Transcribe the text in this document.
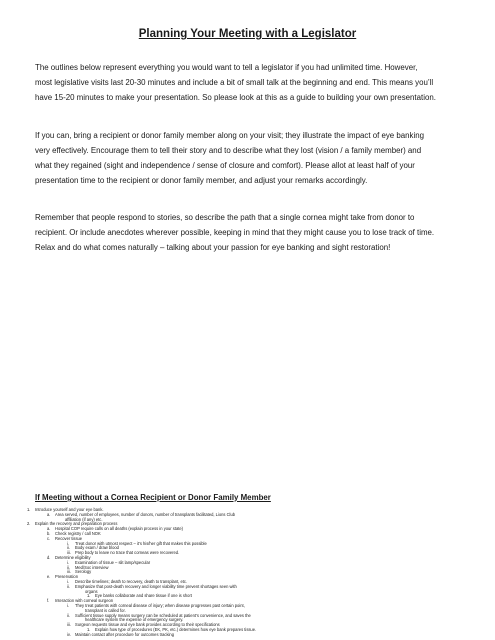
Planning Your Meeting with a Legislator
The outlines below represent everything you would want to tell a legislator if you had unlimited time. However,
most legislative visits last 20-30 minutes and include a bit of small talk at the beginning and end. This means you’ll
have 15-20 minutes to make your presentation. So please look at this as a guide to building your own presentation.
If you can, bring a recipient or donor family member along on your visit; they illustrate the impact of eye banking
very effectively. Encourage them to tell their story and to describe what they lost (vision / a family member) and
what they regained (sight and independence / sense of closure and comfort). Please allot at least half of your
presentation time to the recipient or donor family member, and adjust your remarks accordingly.
Remember that people respond to stories, so describe the path that a single cornea might take from donor to
recipient. Or include anecdotes wherever possible, keeping in mind that they might cause you to lose track of time.
Relax and do what comes naturally – talking about your passion for eye banking and sight restoration!
If Meeting without a Cornea Recipient or Donor Family Member
1. Introduce yourself and your eye bank.
a. Area served, number of employees, number of donors, number of transplants facilitated, Lions Club
affiliation (if any) etc.
2. Explain the recovery and preparation process
a. Hospital COP require calls on all deaths (explain process in your state)
b. Check registry / call NOK
c. Recover tissue
i. Treat donor with utmost respect – it’s his/her gift that makes this possible
ii. Body exam / draw blood
iii. Prep body to leave no trace that corneas were recovered.
d. Determine eligibility
i. Examination of tissue – slit lamp/specular
ii. Med/Soc interview
iii. Serology
e. Preservation
i. Describe timelines; death to recovery, death to transplant, etc.
ii. Emphasize that post-death recovery and longer viability time prevent shortages seen with
organs
1. Eye banks collaborate and share tissue if one is short
f. Interaction with corneal surgeon
i. They treat patients with corneal disease of injury; when disease progresses past certain point,
transplant is called for.
ii. Sufficient tissue supply means surgery can be scheduled at patient’s convenience, and saves the
healthcare system the expense of emergency surgery.
iii. Surgeon requests tissue and eye bank provides according to their specifications
1. Explain how type of procedures (EK, PK, etc.) determines how eye bank prepares tissue.
iv. Maintain contact after procedure for outcomes tracking
